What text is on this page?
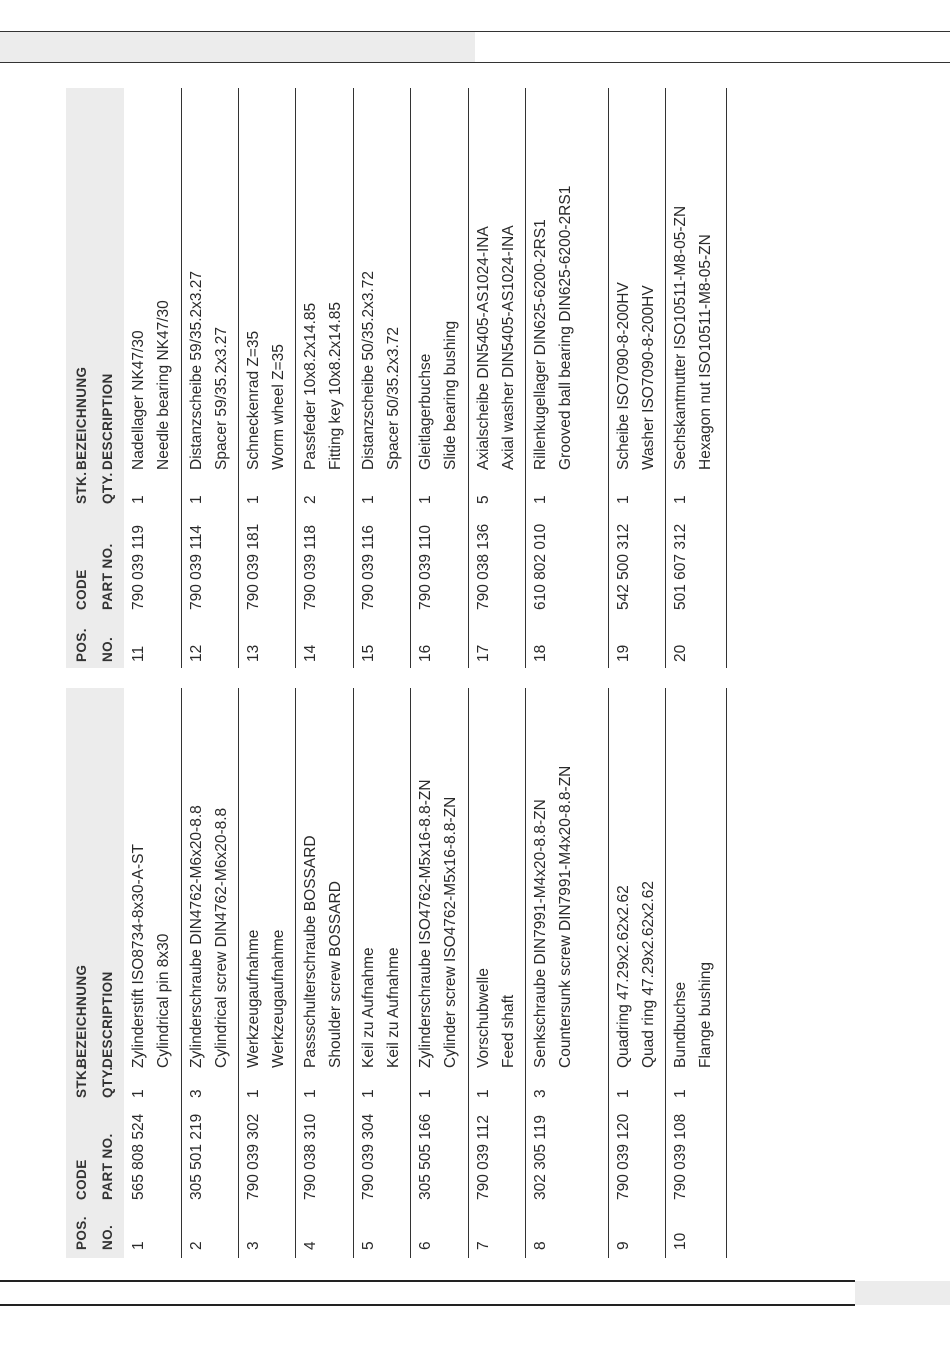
POS. NO.
CODE PART NO.
STK. QTY.
BEZEICHNUNG DESCRIPTION
1
565 808 524
1
Zylinderstift ISO8734-8x30-A-ST Cylindrical pin 8x30
2
305 501 219
3
Zylinderschraube DIN4762-M6x20-8.8 Cylindrical screw DIN4762-M6x20-8.8
3
790 039 302
1
Werkzeugaufnahme Werkzeugaufnahme
4
790 038 310
1
Passschulterschraube BOSSARD Shoulder screw BOSSARD
5
790 039 304
1
Keil zu Aufnahme Keil zu Aufnahme
6
305 505 166
1
Zylinderschraube ISO4762-M5x16-8.8-ZN Cylinder screw ISO4762-M5x16-8.8-ZN
7
790 039 112
1
Vorschubwelle Feed shaft
8
302 305 119
3
Senkschraube DIN7991-M4x20-8.8-ZN Countersunk screw DIN7991-M4x20-8.8-ZN
9
790 039 120
1
Quadring 47.29x2.62x2.62 Quad ring 47.29x2.62x2.62
10
790 039 108
1
Bundbuchse Flange bushing
POS. NO.
CODE PART NO.
STK. QTY.
BEZEICHNUNG DESCRIPTION
11
790 039 119
1
Nadellager NK47/30 Needle bearing NK47/30
12
790 039 114
1
Distanzscheibe 59/35.2x3.27 Spacer 59/35.2x3.27
13
790 039 181
1
Schneckenrad Z=35 Worm wheel Z=35
14
790 039 118
2
Passfeder 10x8.2x14.85 Fitting key 10x8.2x14.85
15
790 039 116
1
Distanzscheibe 50/35.2x3.72 Spacer 50/35.2x3.72
16
790 039 110
1
Gleitlagerbuchse Slide bearing bushing
17
790 038 136
5
Axialscheibe DIN5405-AS1024-INA Axial washer DIN5405-AS1024-INA
18
610 802 010
1
Rillenkugellager DIN625-6200-2RS1 Grooved ball bearing DIN625-6200-2RS1
19
542 500 312
1
Scheibe ISO7090-8-200HV Washer ISO7090-8-200HV
20
501 607 312
1
Sechskantmutter ISO10511-M8-05-ZN Hexagon nut ISO10511-M8-05-ZN
